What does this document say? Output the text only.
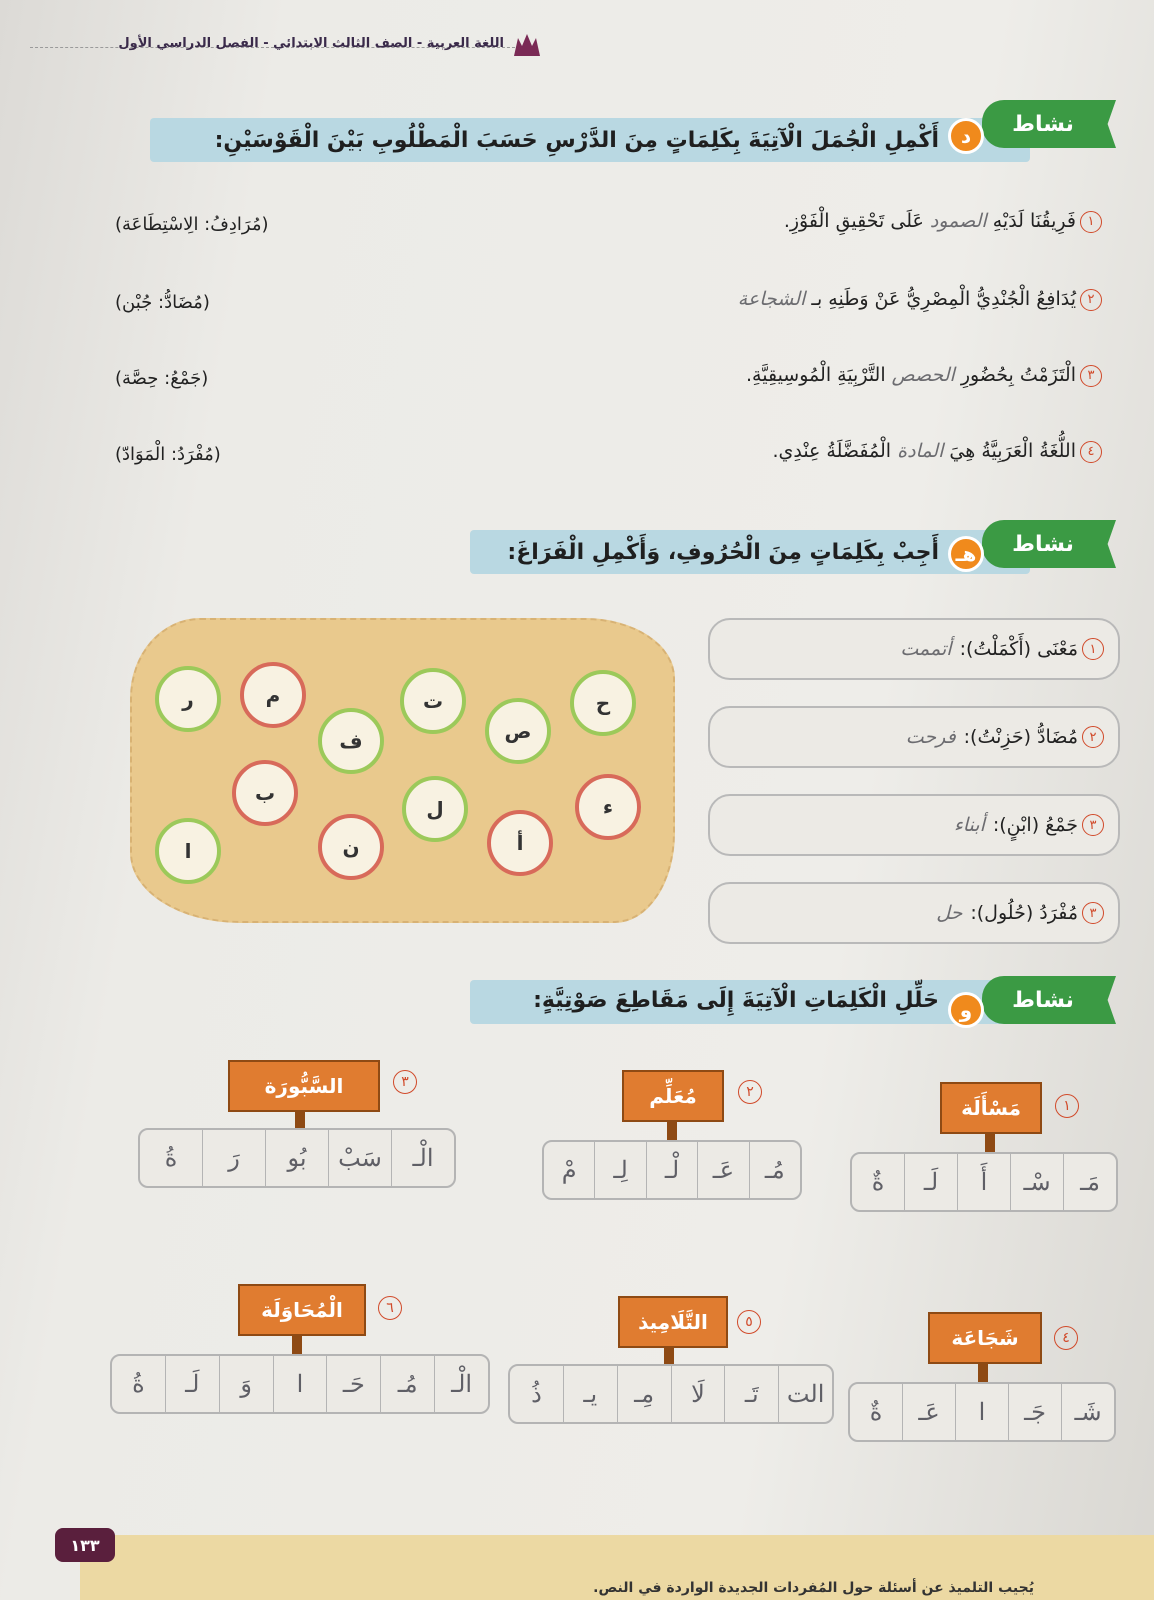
اللغة العربية - الصف الثالث الابتدائي - الفصل الدراسي الأول
نشاط
د
أَكْمِلِ الْجُمَلَ الْآتِيَةَ بِكَلِمَاتٍ مِنَ الدَّرْسِ حَسَبَ الْمَطْلُوبِ بَيْنَ الْقَوْسَيْنِ:
١فَرِيقُنَا لَدَيْهِ الصمود عَلَى تَحْقِيقِ الْفَوْزِ.
(مُرَادِفُ: الِاسْتِطَاعَة)
٢يُدَافِعُ الْجُنْدِيُّ الْمِصْرِيُّ عَنْ وَطَنِهِ بـ الشجاعة
(مُضَادُّ: جُبْن)
٣الْتَزَمْتُ بِحُضُورِ الحصص التَّرْبِيَةِ الْمُوسِيقِيَّةِ.
(جَمْعُ: حِصَّة)
٤اللُّغَةُ الْعَرَبِيَّةُ هِيَ المادة الْمُفَضَّلَةُ عِنْدِي.
(مُفْرَدُ: الْمَوَادّ)
نشاط
هـ
أَجِبْ بِكَلِمَاتٍ مِنَ الْحُرُوفِ، وَأَكْمِلِ الْفَرَاغَ:
ر	م	ت	ح
ف	ص
ب
ل	ء
ا	ن	أ
١
مَعْنَى (أَكْمَلْتُ):
أتممت
٢
مُضَادُّ (حَزِنْتُ):
فرحت
٣
جَمْعُ (ابْنٍ):
أبناء
٣
مُفْرَدُ (حُلُول):
حل
نشاط
و
حَلِّلِ الْكَلِمَاتِ الْآتِيَةَ إِلَى مَقَاطِعَ صَوْتِيَّةٍ:
١
مَسْأَلَة
مَـ
سْـ
أَ
لَـ
ةٌ
٢
مُعَلِّم
مُـ
عَـ
لْـ
لِـ
مْ
٣
السَّبُّورَة
الْـ
سَبْ
بُو
رَ
ةُ
٤
شَجَاعَة
شَـ
جَـ
ا
عَـ
ةٌ
٥
التَّلَامِيذ
الت
تَـ
لَا
مِـ
يـ
ذُ
٦
الْمُحَاوَلَة
الْـ
مُـ
حَـ
ا
وَ
لَـ
ةُ
١٣٣
يُجيب التلميذ عن أسئلة حول المُفردات الجديدة الواردة في النص.
